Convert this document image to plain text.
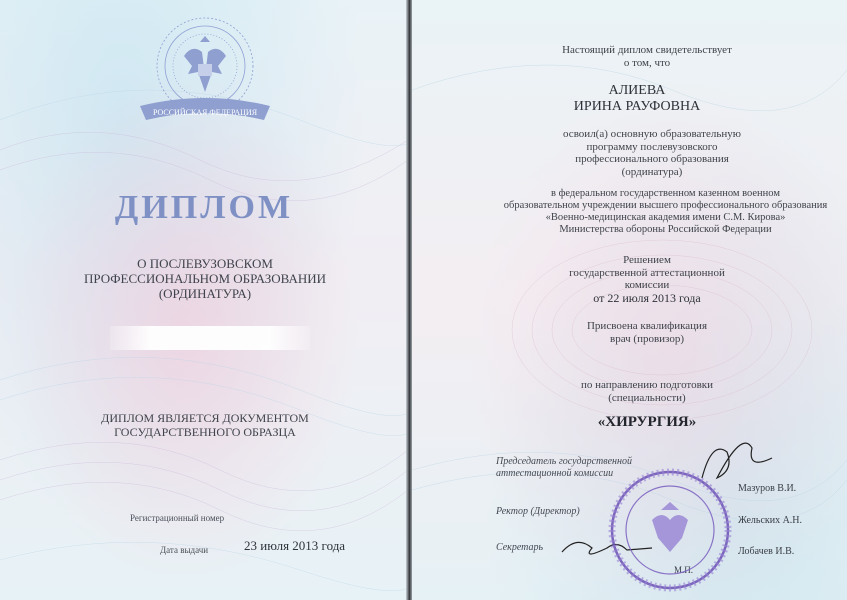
РОССИЙСКАЯ ФЕДЕРАЦИЯ
ДИПЛОМ
О ПОСЛЕВУЗОВСКОМ
ПРОФЕССИОНАЛЬНОМ ОБРАЗОВАНИИ
(ОРДИНАТУРА)
ДИПЛОМ ЯВЛЯЕТСЯ ДОКУМЕНТОМ
ГОСУДАРСТВЕННОГО ОБРАЗЦА
Регистрационный номер
Дата выдачи	23 июля 2013 года
Настоящий диплом свидетельствует
о том, что
АЛИЕВА
ИРИНА РАУФОВНА
освоил(а) основную образовательную
программу послевузовского
профессионального образования
(ординатура)
в федеральном государственном казенном военном
образовательном учреждении высшего профессионального образования
«Военно-медицинская академия имени С.М. Кирова»
Министерства обороны Российской Федерации
Решением
государственной аттестационной
комиссии
от 22 июля 2013 года
Присвоена квалификация
врач (провизор)
по направлению подготовки
(специальности)
«ХИРУРГИЯ»
Председатель государственной
аттестационной комиссии
Мазуров В.И.
Ректор (Директор)
Жельских А.Н.
Секретарь	Лобачев И.В.
М.П.
